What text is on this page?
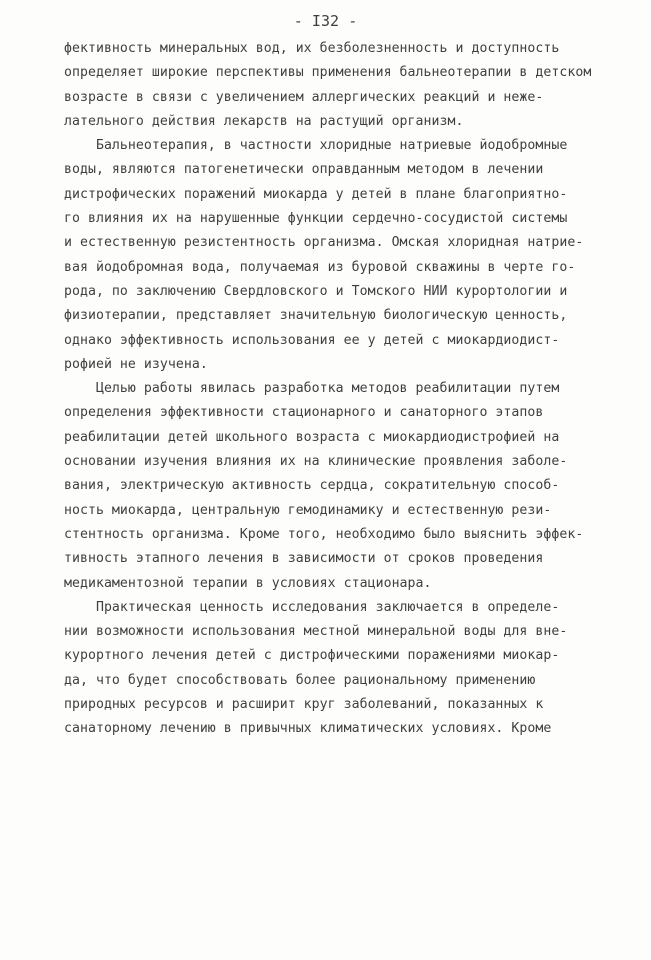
- I32 -

фективность минеральных вод, их безболезненность и доступность
определяет широкие перспективы применения бальнеотерапии в детском
возрасте в связи с увеличением аллергических реакций и неже-
лательного действия лекарств на растущий организм.

Бальнеотерапия, в частности хлоридные натриевые йодобромные
воды, являются патогенетически оправданным методом в лечении
дистрофических поражений миокарда у детей в плане благоприятно-
го влияния их на нарушенные функции сердечно-сосудистой системы
и естественную резистентность организма. Омская хлоридная натрие-
вая йодобромная вода, получаемая из буровой скважины в черте го-
рода, по заключению Свердловского и Томского НИИ курортологии и
физиотерапии, представляет значительную биологическую ценность,
однако эффективность использования ее у детей с миокардиодист-
рофией не изучена.

Целью работы явилась разработка методов реабилитации путем
определения эффективности стационарного и санаторного этапов
реабилитации детей школьного возраста с миокардиодистрофией на
основании изучения влияния их на клинические проявления заболе-
вания, электрическую активность сердца, сократительную способ-
ность миокарда, центральную гемодинамику и естественную рези-
стентность организма. Кроме того, необходимо было выяснить эффек-
тивность этапного лечения в зависимости от сроков проведения
медикаментозной терапии в условиях стационара.

Практическая ценность исследования заключается в определе-
нии возможности использования местной минеральной воды для вне-
курортного лечения детей с дистрофическими поражениями миокар-
да, что будет способствовать более рациональному применению
природных ресурсов и расширит круг заболеваний, показанных к
санаторному лечению в привычных климатических условиях. Кроме
